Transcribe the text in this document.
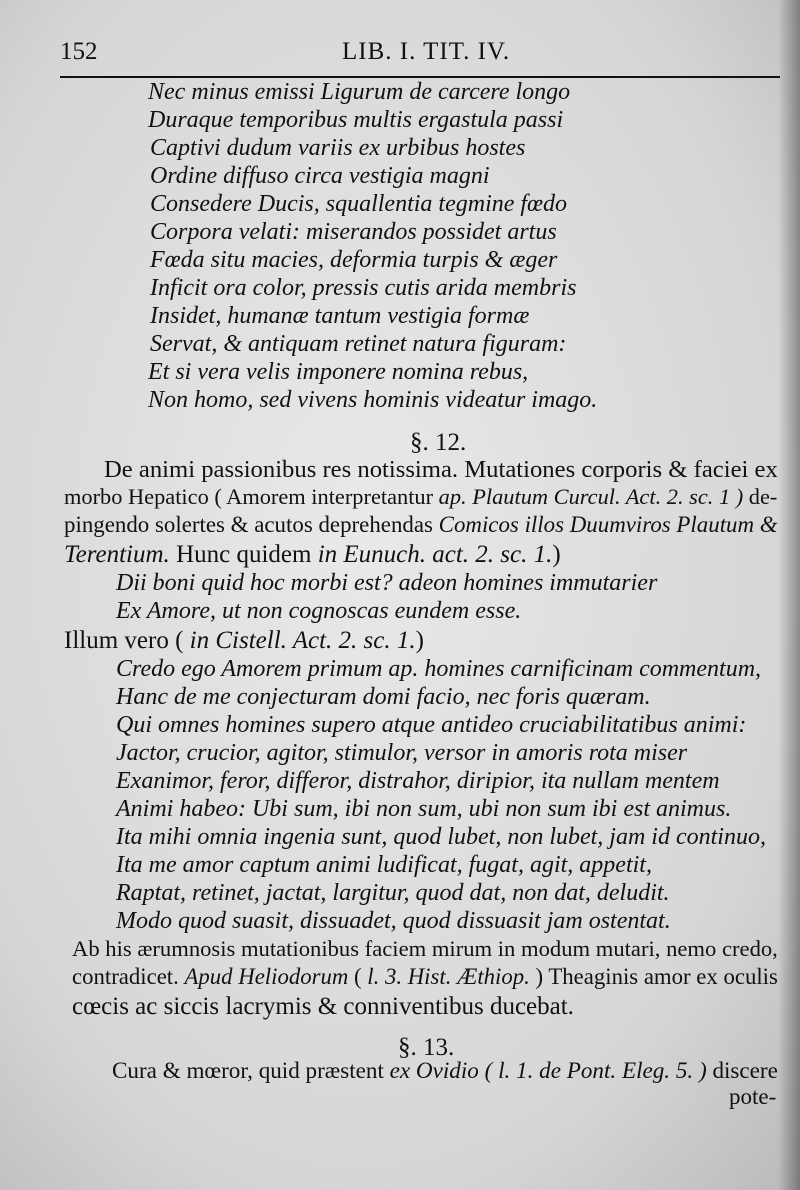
152	LIB. I. TIT. IV.
Nec minus emissi Ligurum de carcere longo
Duraque temporibus multis ergastula passi
Captivi dudum variis ex urbibus hostes
Ordine diffuso circa vestigia magni
Consedere Ducis, squallentia tegmine fœdo
Corpora velati: miserandos possidet artus
Fœda situ macies, deformia turpis & æger
Inficit ora color, pressis cutis arida membris
Insidet, humanæ tantum vestigia formæ
Servat, & antiquam retinet natura figuram:
Et si vera velis imponere nomina rebus,
Non homo, sed vivens hominis videatur imago.
§. 12.
De animi passionibus res notissima. Mutationes corporis & faciei ex
morbo Hepatico ( Amorem interpretantur ap. Plautum Curcul. Act. 2. sc. 1 ) de-
pingendo solertes & acutos deprehendas Comicos illos Duumviros Plautum &
Terentium. Hunc quidem in Eunuch. act. 2. sc. 1.)
Dii boni quid hoc morbi est? adeon homines immutarier
Ex Amore, ut non cognoscas eundem esse.
Illum vero ( in Cistell. Act. 2. sc. 1.)
Credo ego Amorem primum ap. homines carnificinam commentum,
Hanc de me conjecturam domi facio, nec foris quæram.
Qui omnes homines supero atque antideo cruciabilitatibus animi:
Jactor, crucior, agitor, stimulor, versor in amoris rota miser
Exanimor, feror, differor, distrahor, diripior, ita nullam mentem
Animi habeo: Ubi sum, ibi non sum, ubi non sum ibi est animus.
Ita mihi omnia ingenia sunt, quod lubet, non lubet, jam id continuo,
Ita me amor captum animi ludificat, fugat, agit, appetit,
Raptat, retinet, jactat, largitur, quod dat, non dat, deludit.
Modo quod suasit, dissuadet, quod dissuasit jam ostentat.
Ab his ærumnosis mutationibus faciem mirum in modum mutari, nemo credo,
contradicet. Apud Heliodorum ( l. 3. Hist. Æthiop. ) Theaginis amor ex oculis
cœcis ac siccis lacrymis & conniventibus ducebat.
§. 13.
Cura & mœror, quid præstent ex Ovidio ( l. 1. de Pont. Eleg. 5. ) discere
pote-
